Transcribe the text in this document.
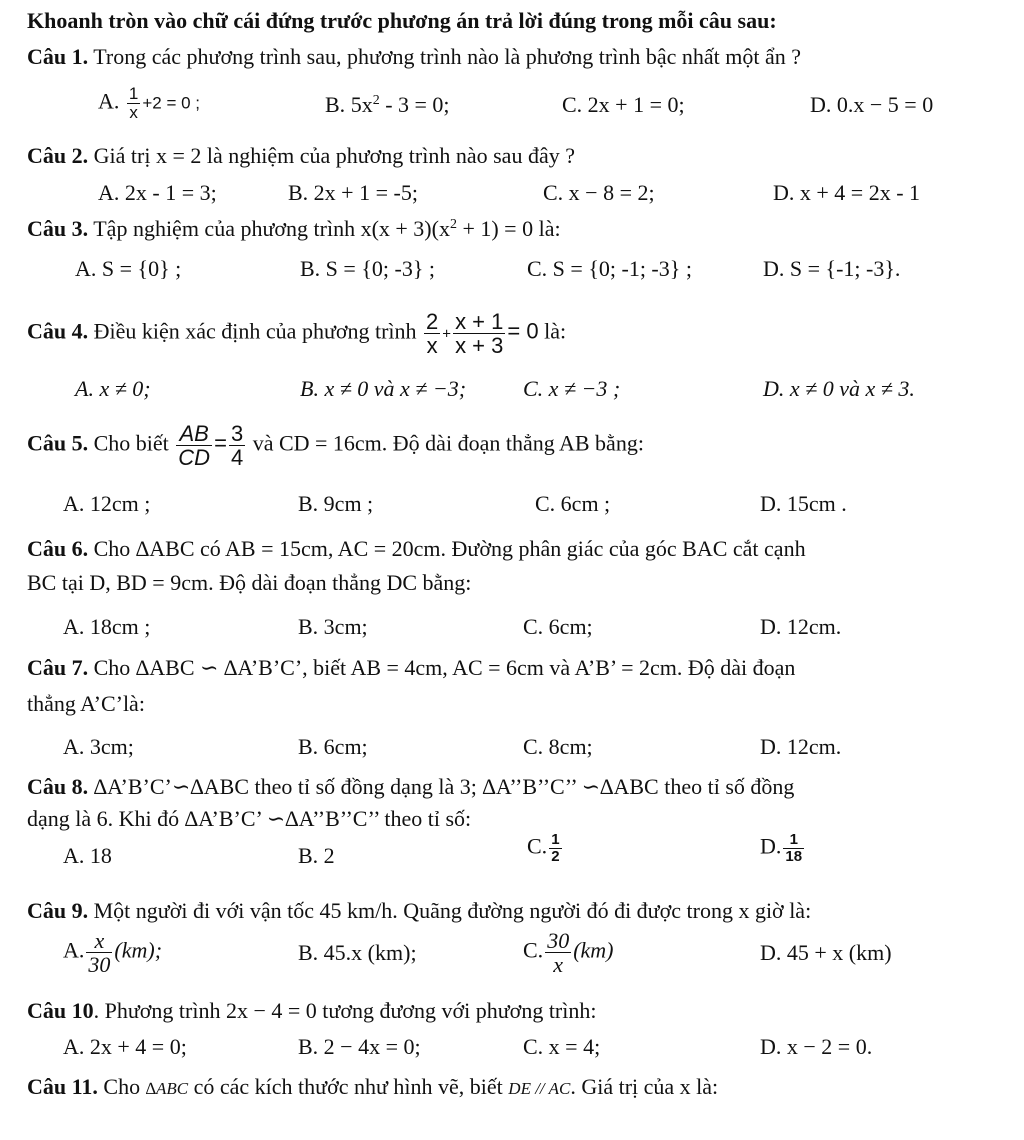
Khoanh tròn vào chữ cái đứng trước phương án trả lời đúng trong mỗi câu sau:
Câu 1. Trong các phương trình sau, phương trình nào là phương trình bậc nhất một ẩn ?
A. $\frac{1}{x} +2 = 0$ ;	B. $5x^2 - 3 = 0$;	C. 2x + 1 = 0;	D. 0.x − 5 = 0
Câu 2. Giá trị x = 2 là nghiệm của phương trình nào sau đây ?
A. 2x - 1 = 3;	B. 2x + 1 = -5;	C. x − 8 = 2;	D. x + 4 = 2x - 1
Câu 3. Tập nghiệm của phương trình $x(x + 3)(x^2 + 1) = 0$ là:
A. S = {0} ;	B. S = {0; -3} ;	C. S = {0; -1; -3} ;	D. S = {-1; -3}.
Câu 4. Điều kiện xác định của phương trình $\frac{2}{x} + \frac{x + 1}{x + 3} = 0$ là:
A. x ≠ 0;	B. x ≠ 0 và x ≠ −3;	C. x ≠ −3 ;	D. x ≠ 0 và x ≠ 3.
Câu 5. Cho biết $\frac{AB}{CD} = \frac{3}{4}$ và CD = 16cm. Độ dài đoạn thẳng AB bằng:
A. 12cm ;	B. 9cm ;	C. 6cm ;	D. 15cm .
Câu 6. Cho ∆ABC có AB = 15cm, AC = 20cm. Đường phân giác của góc BAC cắt cạnh
BC tại D, BD = 9cm. Độ dài đoạn thẳng DC bằng:
A. 18cm ;	B. 3cm;	C. 6cm;	D. 12cm.
Câu 7. Cho ∆ABC ∽ ∆A’B’C’, biết AB = 4cm, AC = 6cm và A’B’ = 2cm. Độ dài đoạn
thẳng A’C’là:
A. 3cm;	B. 6cm;	C. 8cm;	D. 12cm.
Câu 8. ∆A’B’C’∽∆ABC theo tỉ số đồng dạng là 3; ∆A’’B’’C’’ ∽∆ABC theo tỉ số đồng
dạng là 6. Khi đó ∆A’B’C’ ∽∆A’’B’’C’’ theo tỉ số:
A. 18	B. 2	C. $\frac{1}{2}$	D. $\frac{1}{18}$
Câu 9. Một người đi với vận tốc 45 km/h. Quãng đường người đó đi được trong x giờ là:
A. $\frac{x}{30} (km)$;	B. 45.x (km);	C. $\frac{30}{x} (km)$	D. 45 + x (km)
Câu 10. Phương trình 2x − 4 = 0 tương đương với phương trình:
A. 2x + 4 = 0;	B. 2 − 4x = 0;	C. x = 4;	D. x − 2 = 0.
Câu 11. Cho ∆ABC có các kích thước như hình vẽ, biết DE // AC. Giá trị của x là:
